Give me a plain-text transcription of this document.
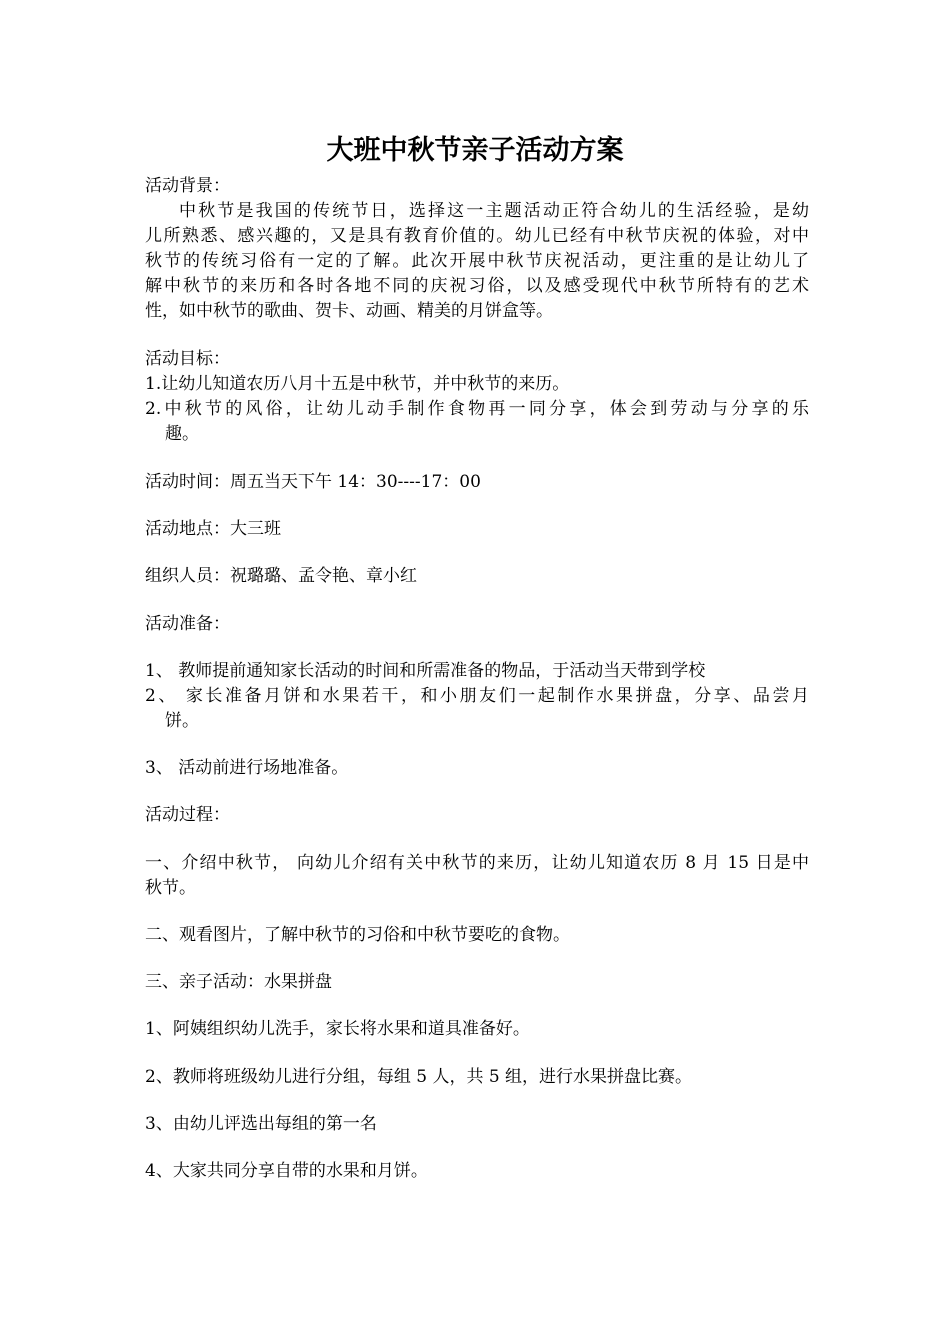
大班中秋节亲子活动方案
活动背景：
中秋节是我国的传统节日，选择这一主题活动正符合幼儿的生活经验，是幼
儿所熟悉、感兴趣的，又是具有教育价值的。幼儿已经有中秋节庆祝的体验，对中
秋节的传统习俗有一定的了解。此次开展中秋节庆祝活动，更注重的是让幼儿了
解中秋节的来历和各时各地不同的庆祝习俗，以及感受现代中秋节所特有的艺术
性，如中秋节的歌曲、贺卡、动画、精美的月饼盒等。
活动目标：
1.让幼儿知道农历八月十五是中秋节，并中秋节的来历。
2.中秋节的风俗，让幼儿动手制作食物再一同分享，体会到劳动与分享的乐
趣。
活动时间：周五当天下午 14：30----17：00
活动地点：大三班
组织人员：祝璐璐、孟令艳、章小红
活动准备：
1、 教师提前通知家长活动的时间和所需准备的物品，于活动当天带到学校
2、 家长准备月饼和水果若干，和小朋友们一起制作水果拼盘，分享、品尝月
饼。
3、 活动前进行场地准备。
活动过程：
一、介绍中秋节， 向幼儿介绍有关中秋节的来历，让幼儿知道农历 8 月 15 日是中
秋节。
二、观看图片，了解中秋节的习俗和中秋节要吃的食物。
三、亲子活动：水果拼盘
1、阿姨组织幼儿洗手，家长将水果和道具准备好。
2、教师将班级幼儿进行分组，每组 5 人，共 5 组，进行水果拼盘比赛。
3、由幼儿评选出每组的第一名
4、大家共同分享自带的水果和月饼。
